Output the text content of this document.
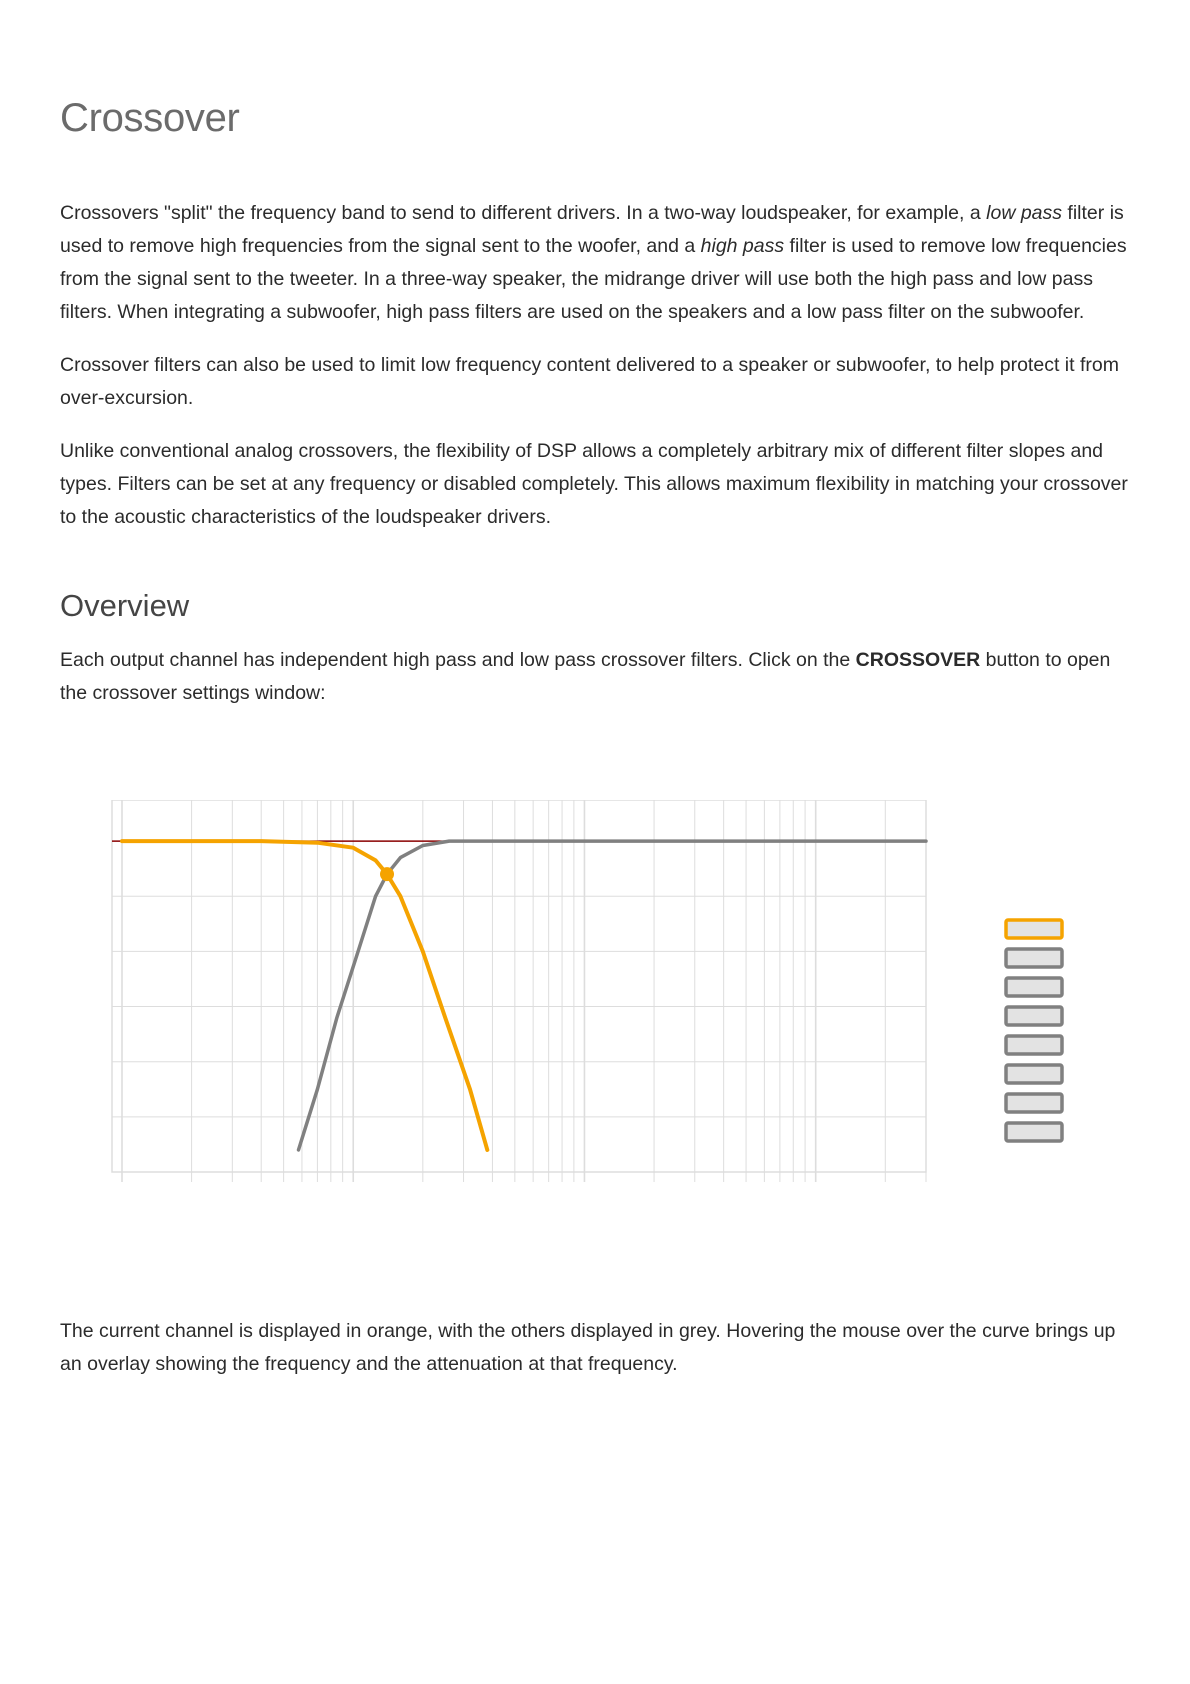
Crossover

Crossovers "split" the frequency band to send to different drivers. In a two-way loudspeaker, for example, a low pass filter is used to remove high frequencies from the signal sent to the woofer, and a high pass filter is used to remove low frequencies from the signal sent to the tweeter. In a three-way speaker, the midrange driver will use both the high pass and low pass filters. When integrating a subwoofer, high pass filters are used on the speakers and a low pass filter on the subwoofer.

Crossover filters can also be used to limit low frequency content delivered to a speaker or subwoofer, to help protect it from over-excursion.

Unlike conventional analog crossovers, the flexibility of DSP allows a completely arbitrary mix of different filter slopes and types. Filters can be set at any frequency or disabled completely. This allows maximum flexibility in matching your crossover to the acoustic characteristics of the loudspeaker drivers.

Overview

Each output channel has independent high pass and low pass crossover filters. Click on the CROSSOVER button to open the crossover settings window:

The current channel is displayed in orange, with the others displayed in grey. Hovering the mouse over the curve brings up an overlay showing the frequency and the attenuation at that frequency.
